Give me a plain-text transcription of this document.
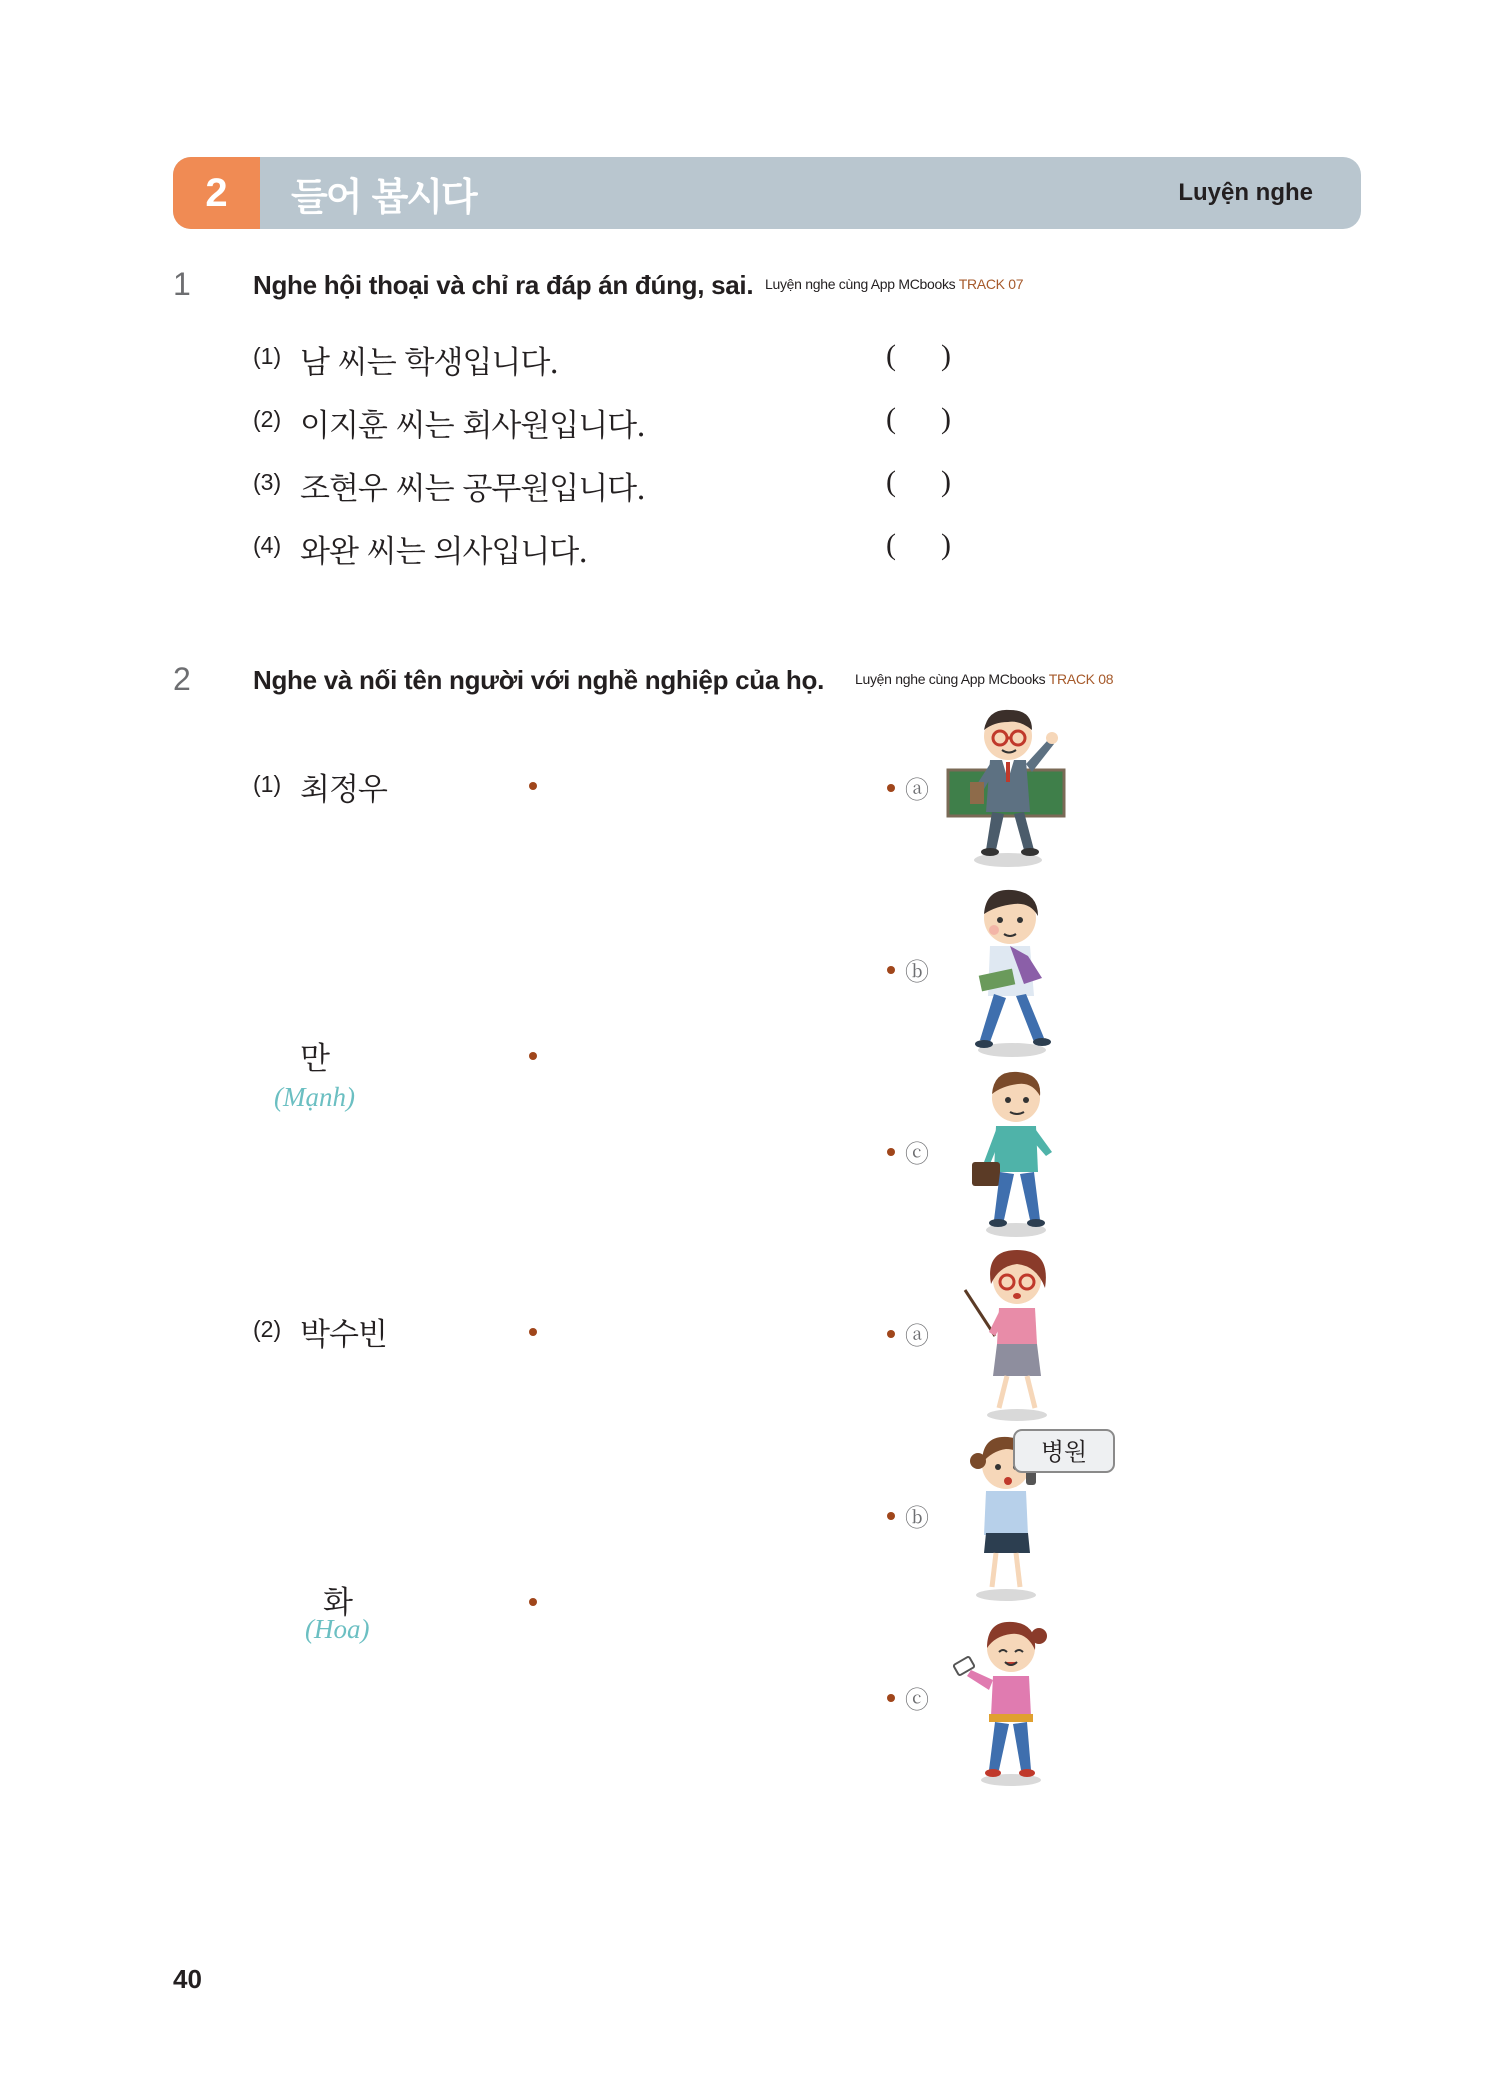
2	들어 봅시다	Luyện nghe
1 Nghe hội thoại và chỉ ra đáp án đúng, sai. Luyện nghe cùng App MCbooks TRACK 07
(1) 남 씨는 학생입니다.	(      )
(2) 이지훈 씨는 회사원입니다.	(      )
(3) 조현우 씨는 공무원입니다.	(      )
(4) 와완 씨는 의사입니다.	(      )
2 Nghe và nối tên người với nghề nghiệp của họ. Luyện nghe cùng App MCbooks TRACK 08
(1) 최정우
만
(Mạnh)
(2) 박수빈
화
(Hoa)
ⓐ
ⓑ
ⓒ
ⓐ
ⓑ
ⓒ
병원
40
